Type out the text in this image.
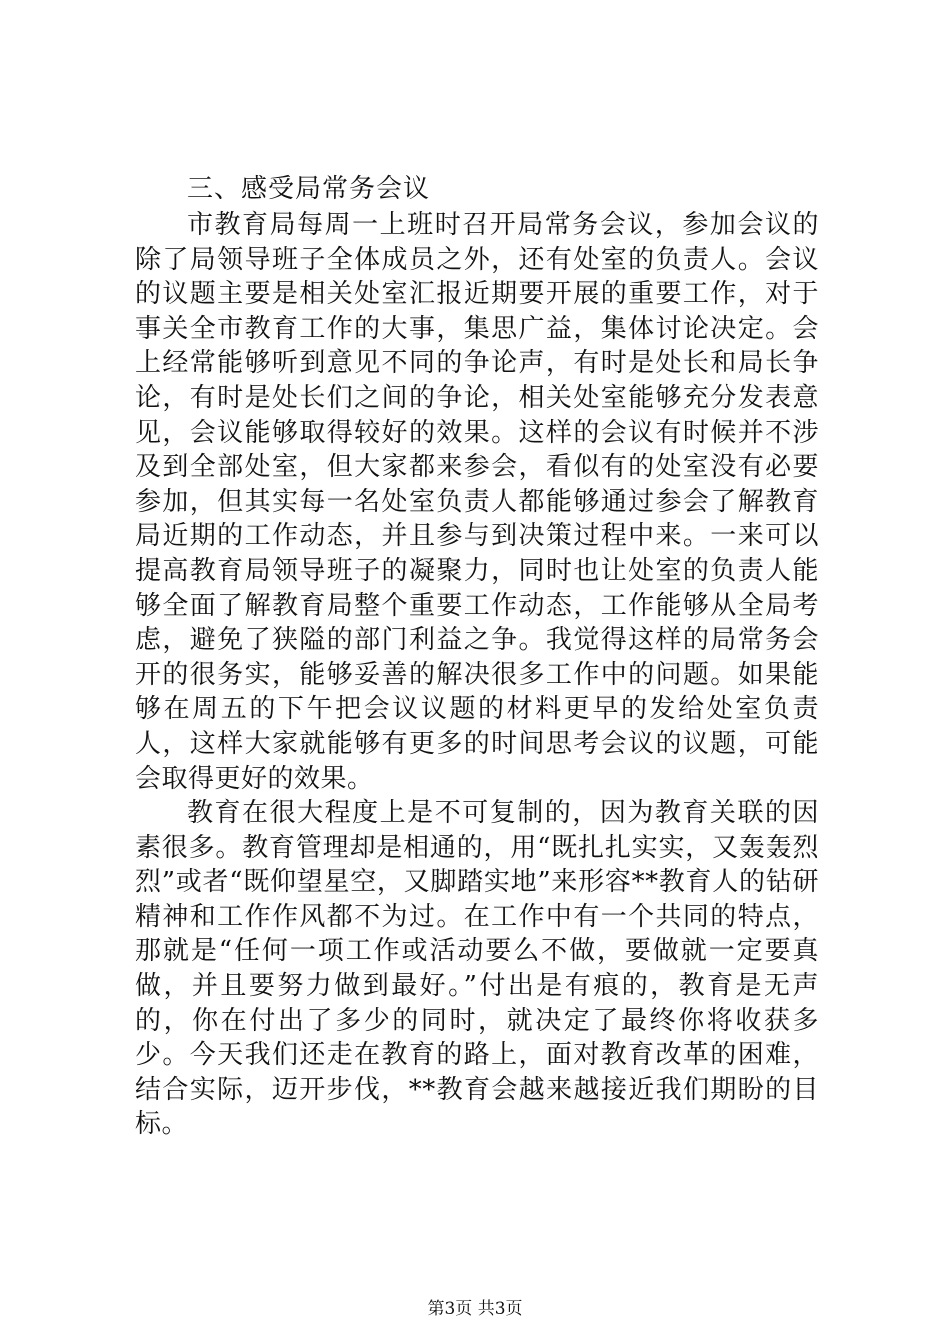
三、感受局常务会议

市教育局每周一上班时召开局常务会议，参加会议的除了局领导班子全体成员之外，还有处室的负责人。会议的议题主要是相关处室汇报近期要开展的重要工作，对于事关全市教育工作的大事，集思广益，集体讨论决定。会上经常能够听到意见不同的争论声，有时是处长和局长争论，有时是处长们之间的争论，相关处室能够充分发表意见，会议能够取得较好的效果。这样的会议有时候并不涉及到全部处室，但大家都来参会，看似有的处室没有必要参加，但其实每一名处室负责人都能够通过参会了解教育局近期的工作动态，并且参与到决策过程中来。一来可以提高教育局领导班子的凝聚力，同时也让处室的负责人能够全面了解教育局整个重要工作动态，工作能够从全局考虑，避免了狭隘的部门利益之争。我觉得这样的局常务会开的很务实，能够妥善的解决很多工作中的问题。如果能够在周五的下午把会议议题的材料更早的发给处室负责人，这样大家就能够有更多的时间思考会议的议题，可能会取得更好的效果。

教育在很大程度上是不可复制的，因为教育关联的因素很多。教育管理却是相通的，用“既扎扎实实，又轰轰烈烈”或者“既仰望星空，又脚踏实地”来形容**教育人的钻研精神和工作作风都不为过。在工作中有一个共同的特点，那就是“任何一项工作或活动要么不做，要做就一定要真做，并且要努力做到最好。”付出是有痕的，教育是无声的，你在付出了多少的同时，就决定了最终你将收获多少。今天我们还走在教育的路上，面对教育改革的困难，结合实际，迈开步伐，**教育会越来越接近我们期盼的目标。

第3页 共3页
